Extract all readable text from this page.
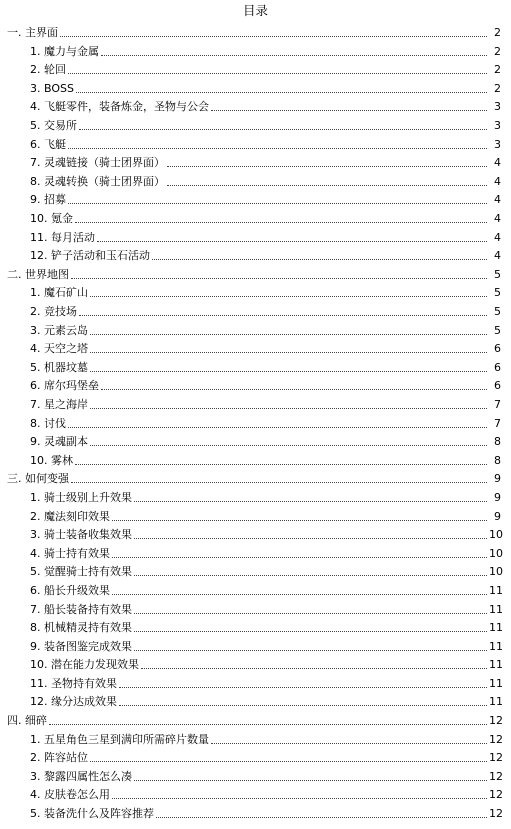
目录
一. 主界面	2
1. 魔力与金属	2
2. 轮回	2
3. BOSS	2
4. 飞艇零件，装备炼金，圣物与公会	3
5. 交易所	3
6. 飞艇	3
7. 灵魂链接（骑士团界面）	4
8. 灵魂转换（骑士团界面）	4
9. 招募	4
10. 氪金	4
11. 每月活动	4
12. 铲子活动和玉石活动	4
二. 世界地图	5
1. 魔石矿山	5
2. 竞技场	5
3. 元素云岛	5
4. 天空之塔	6
5. 机器坟墓	6
6. 席尔玛堡垒	6
7. 星之海岸	7
8. 讨伐	7
9. 灵魂副本	8
10. 雾林	8
三. 如何变强	9
1. 骑士级别上升效果	9
2. 魔法刻印效果	9
3. 骑士装备收集效果	10
4. 骑士持有效果	10
5. 觉醒骑士持有效果	10
6. 船长升级效果	11
7. 船长装备持有效果	11
8. 机械精灵持有效果	11
9. 装备图鉴完成效果	11
10. 潜在能力发现效果	11
11. 圣物持有效果	11
12. 缘分达成效果	11
四. 细碎	12
1. 五星角色三星到满印所需碎片数量	12
2. 阵容站位	12
3. 黎露四属性怎么凑	12
4. 皮肤卷怎么用	12
5. 装备洗什么及阵容推荐	12
